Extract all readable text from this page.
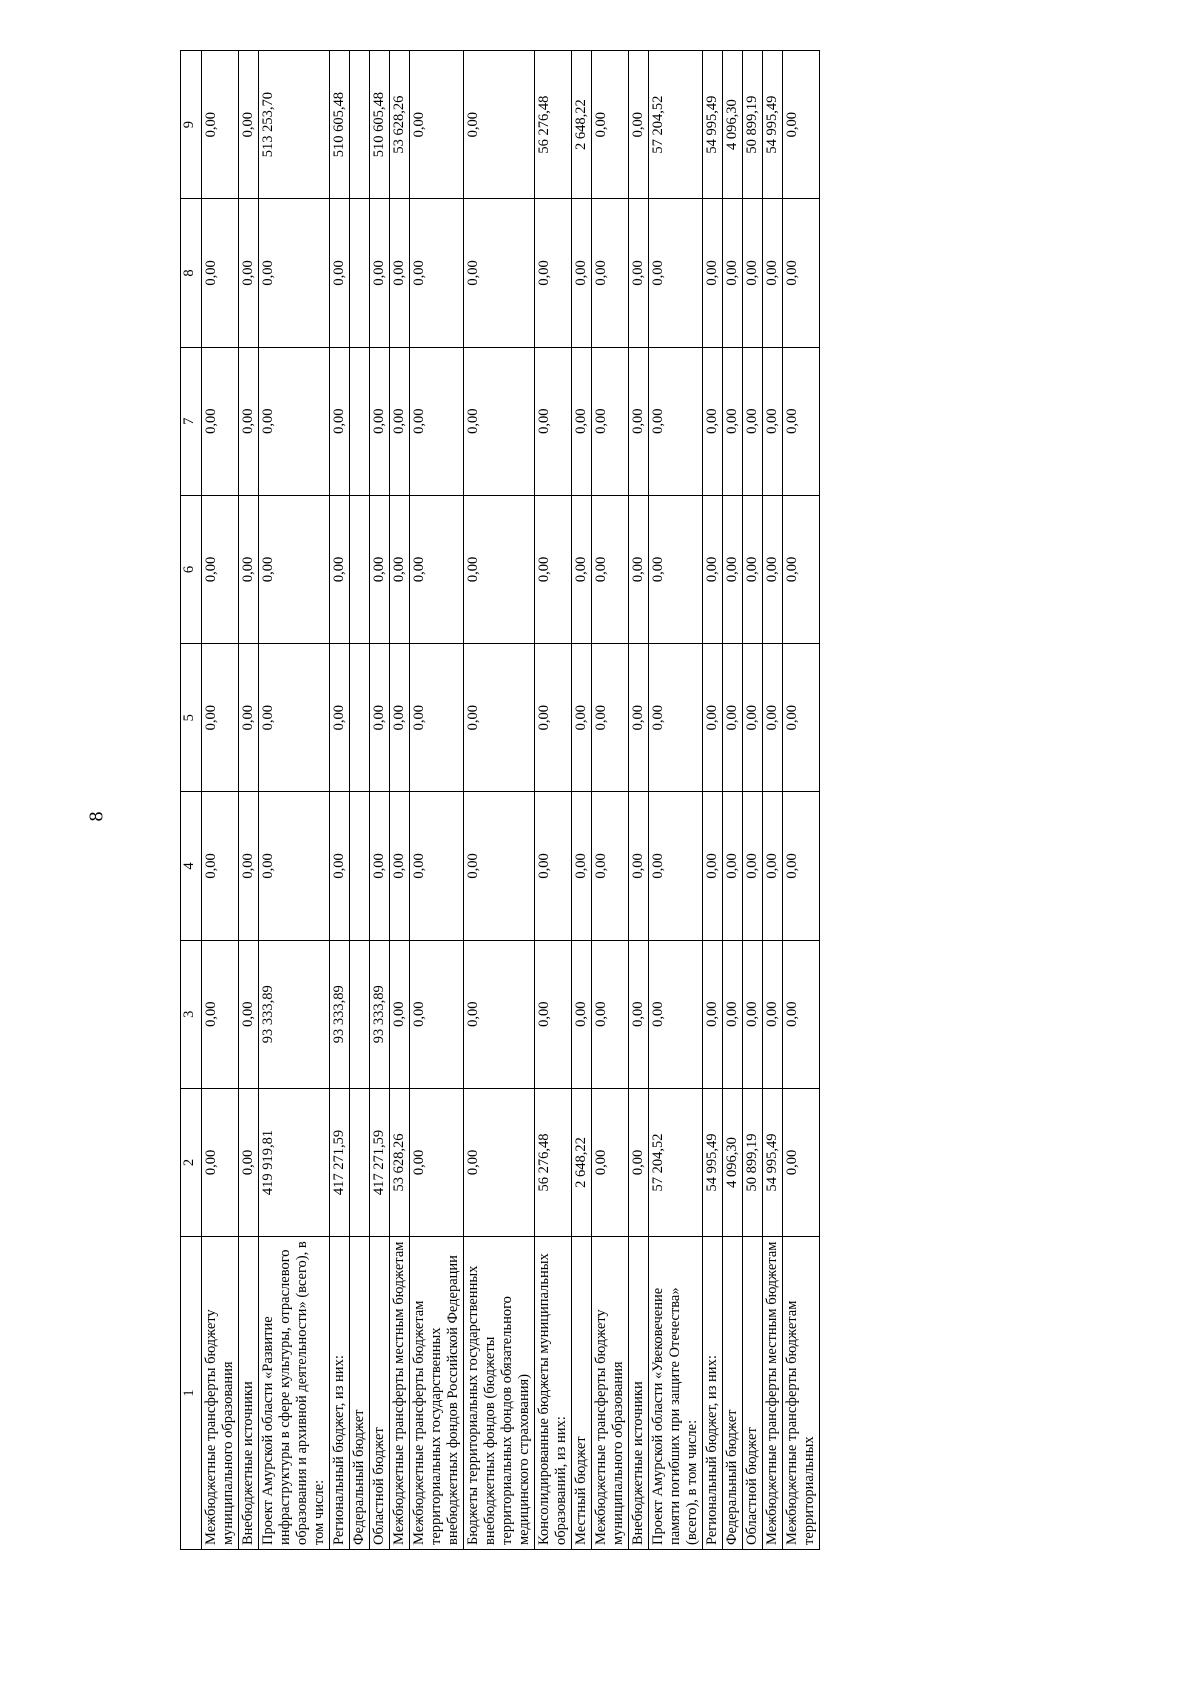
8
1	2	3	4	5	6	7	8	9
Межбюджетные трансферты бюджету муниципального образования	0,00	0,00	0,00	0,00	0,00	0,00	0,00	0,00
Внебюджетные источники	0,00	0,00	0,00	0,00	0,00	0,00	0,00	0,00
Проект Амурской области «Развитие инфраструктуры в сфере культуры, отраслевого образования и архивной деятельности» (всего), в том числе:	419 919,81	93 333,89	0,00	0,00	0,00	0,00	0,00	513 253,70
Региональный бюджет, из них:	417 271,59	93 333,89	0,00	0,00	0,00	0,00	0,00	510 605,48
Федеральный бюджет								
Областной бюджет	417 271,59	93 333,89	0,00	0,00	0,00	0,00	0,00	510 605,48
Межбюджетные трансферты местным бюджетам	53 628,26	0,00	0,00	0,00	0,00	0,00	0,00	53 628,26
Межбюджетные трансферты бюджетам территориальных государственных внебюджетных фондов Российской Федерации	0,00	0,00	0,00	0,00	0,00	0,00	0,00	0,00
Бюджеты территориальных государственных внебюджетных фондов (бюджеты территориальных фондов обязательного медицинского страхования)	0,00	0,00	0,00	0,00	0,00	0,00	0,00	0,00
Консолидированные бюджеты муниципальных образований, из них:	56 276,48	0,00	0,00	0,00	0,00	0,00	0,00	56 276,48
Местный бюджет	2 648,22	0,00	0,00	0,00	0,00	0,00	0,00	2 648,22
Межбюджетные трансферты бюджету муниципального образования	0,00	0,00	0,00	0,00	0,00	0,00	0,00	0,00
Внебюджетные источники	0,00	0,00	0,00	0,00	0,00	0,00	0,00	0,00
Проект Амурской области «Увековечение памяти погибших при защите Отечества» (всего), в том числе:	57 204,52	0,00	0,00	0,00	0,00	0,00	0,00	57 204,52
Региональный бюджет, из них:	54 995,49	0,00	0,00	0,00	0,00	0,00	0,00	54 995,49
Федеральный бюджет	4 096,30	0,00	0,00	0,00	0,00	0,00	0,00	4 096,30
Областной бюджет	50 899,19	0,00	0,00	0,00	0,00	0,00	0,00	50 899,19
Межбюджетные трансферты местным бюджетам	54 995,49	0,00	0,00	0,00	0,00	0,00	0,00	54 995,49
Межбюджетные трансферты бюджетам территориальных	0,00	0,00	0,00	0,00	0,00	0,00	0,00	0,00
